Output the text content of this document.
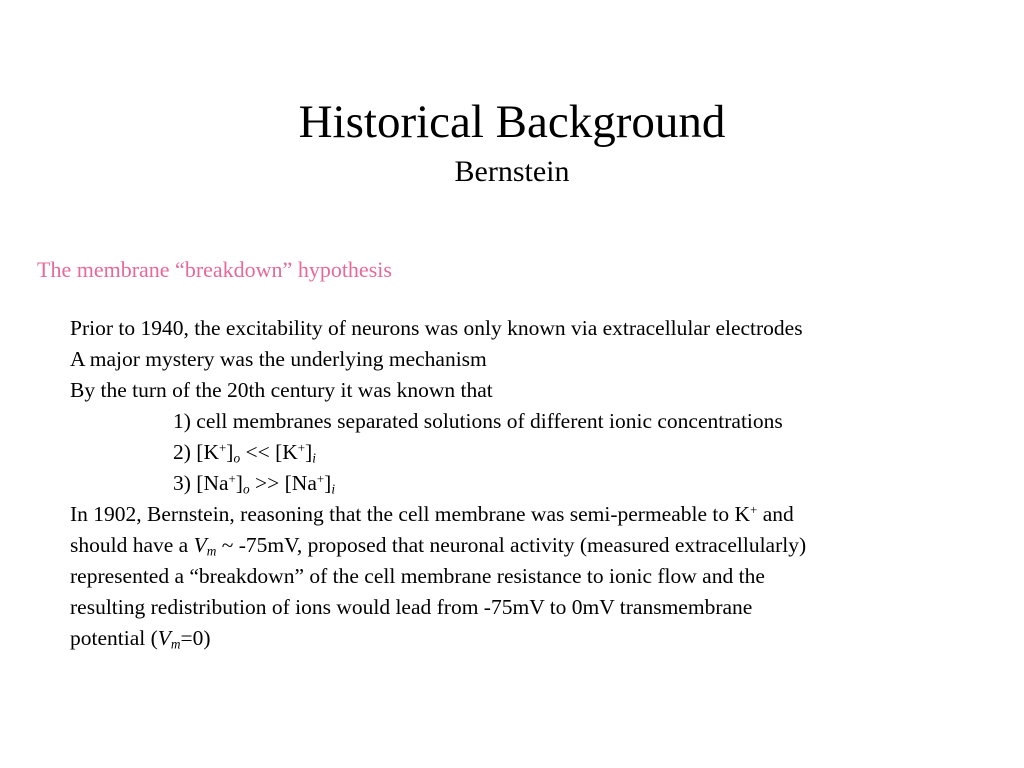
Historical Background
Bernstein
The membrane “breakdown” hypothesis
Prior to 1940, the excitability of neurons was only known via extracellular electrodes
A major mystery was the underlying mechanism
By the turn of the 20th century it was known that
1) cell membranes separated solutions of different ionic concentrations
2) $[K^+]_o << [K^+]_i$
3) $[Na^+]_o >> [Na^+]_i$
In 1902, Bernstein, reasoning that the cell membrane was semi-permeable to K+ and
should have a $V_m$ ~ -75mV, proposed that neuronal activity (measured extracellularly)
represented a “breakdown” of the cell membrane resistance to ionic flow and the
resulting redistribution of ions would lead from -75mV to 0mV transmembrane
potential $(V_m=0)$
